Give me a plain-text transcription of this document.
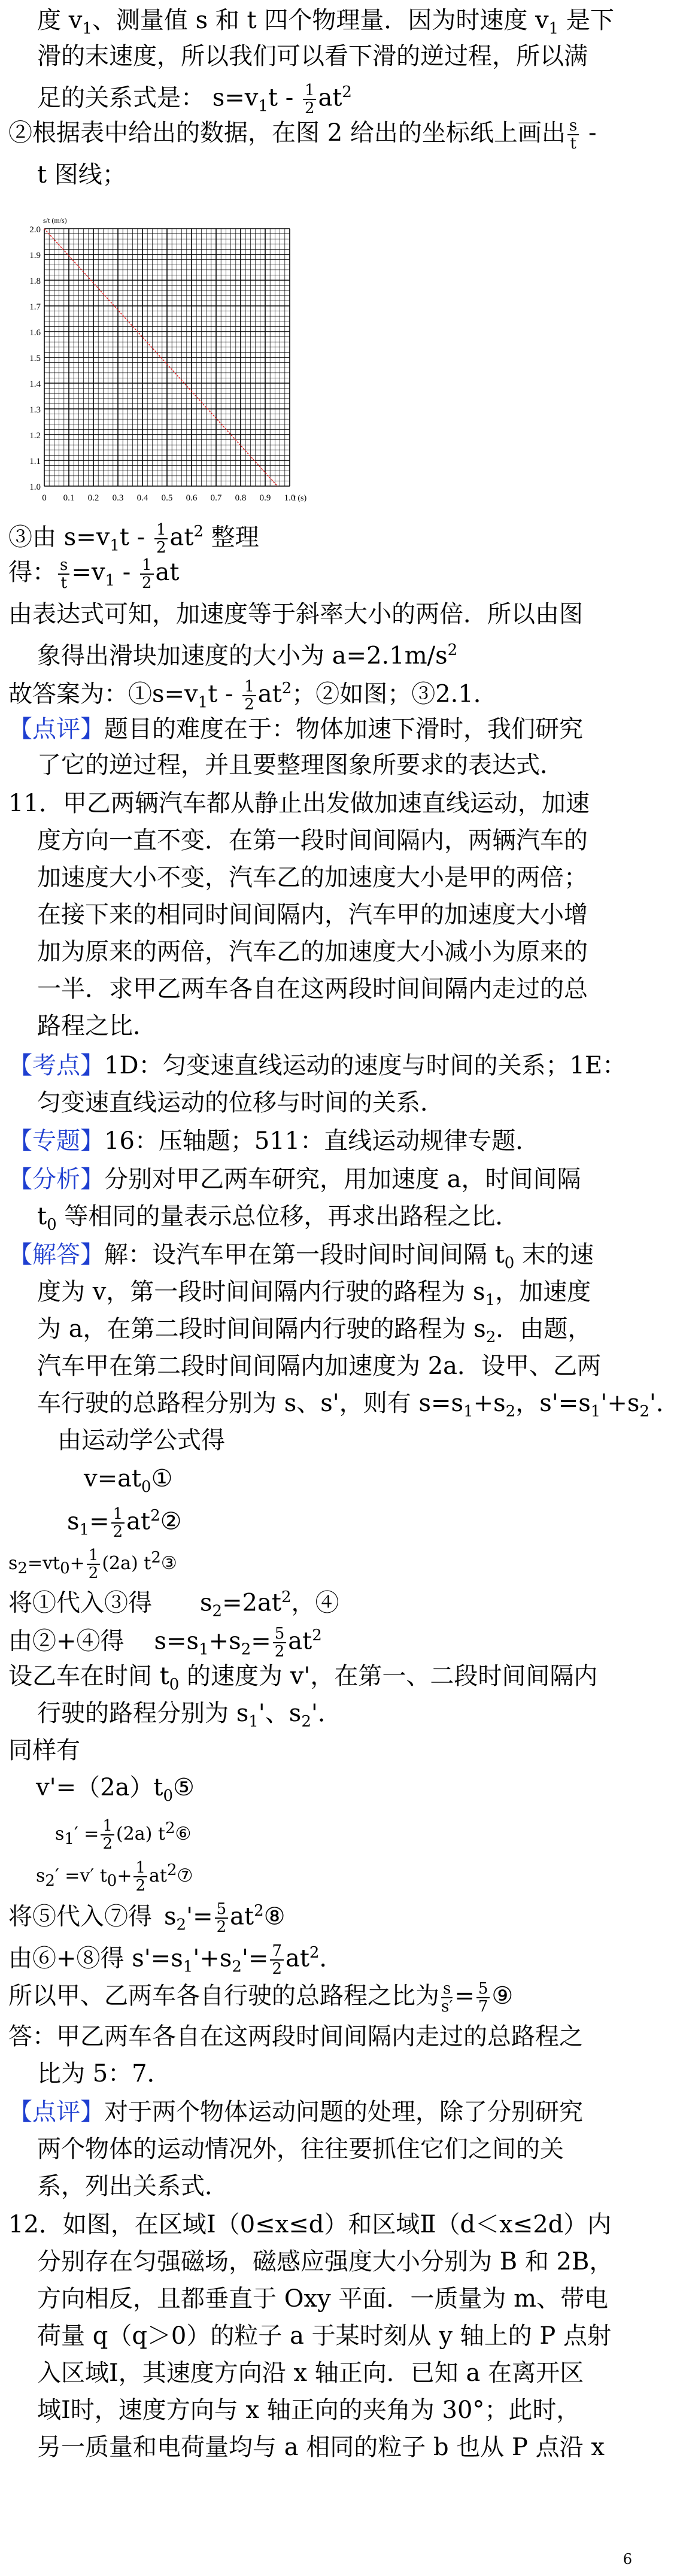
度 $v_1$、测量值 s 和 t 四个物理量．因为时速度 $v_1$ 是下
滑的末速度，所以我们可以看下滑的逆过程，所以满
足的关系式是： $s=v_1t - \frac{1}{2} at^2$
②根据表中给出的数据，在图 2 给出的坐标纸上画出 $\frac{s}{t}$ -
t 图线；
2.0
1.9
1.8
1.7
1.6
1.5
1.4
1.3
1.2
1.1
1.0
0 0.1 0.2 0.3 0.4 0.5 0.6 0.7 0.8 0.9 1.0
t (s)
s/t (m/s)
③由 $s=v_1t - \frac{1}{2} at^2$ 整理
得： $\frac{s}{t} =v_1 - \frac{1}{2}$ at
由表达式可知，加速度等于斜率大小的两倍．所以由图
象得出滑块加速度的大小为 $a=2.1m/s^2$
故答案为：$①s=v_1t - \frac{1}{2} at^2$；②如图；③2.1．
【点评】题目的难度在于：物体加速下滑时，我们研究
了它的逆过程，并且要整理图象所要求的表达式．
11．甲乙两辆汽车都从静止出发做加速直线运动，加速
度方向一直不变．在第一段时间间隔内，两辆汽车的
加速度大小不变，汽车乙的加速度大小是甲的两倍；
在接下来的相同时间间隔内，汽车甲的加速度大小增
加为原来的两倍，汽车乙的加速度大小减小为原来的
一半．求甲乙两车各自在这两段时间间隔内走过的总
路程之比．
【考点】1D：匀变速直线运动的速度与时间的关系；1E：
匀变速直线运动的位移与时间的关系．
【专题】16：压轴题；511：直线运动规律专题．
【分析】分别对甲乙两车研究，用加速度 a，时间间隔
$t_0$ 等相同的量表示总位移，再求出路程之比．
【解答】解：设汽车甲在第一段时间时间间隔 $t_0$ 末的速
度为 v，第一段时间间隔内行驶的路程为 $s_1$，加速度
为 a，在第二段时间间隔内行驶的路程为 $s_2$．由题，
汽车甲在第二段时间间隔内加速度为 2a．设甲、乙两
车行驶的总路程分别为 s、s'，则有 $s=s_1+s_2$，$s'=s_1'+s_2'$．
由运动学公式得
$v=at_0①$
$s_1= \frac{1}{2}$ $at^2②$
$s2=vt0+ \frac{1}{2} (2a)$ t2③
将①代入③得 $s_2=2at^2$，④
由②+④得 $s=s_1+s_2= \frac{5}{2} at^2$
设乙车在时间 $t_0$ 的速度为 v'，在第一、二段时间间隔内
行驶的路程分别为 $s_1'$、$s_2'$．
同样有
$v'=(2a)t_0⑤$
$s1' = \frac{1}{2} (2a)$ t2⑥
s2′ =v′ $t0+ \frac{1}{2}$ at2⑦
将⑤代入⑦得 $s_2'= \frac{5}{2}$ $at^2⑧$
由⑥+⑧得 $s'=s_1'+s_2'= \frac{7}{2} at^2$．
所以甲、乙两车各自行驶的总路程之比为 $\frac{s}{s'} = \frac{5}{7}$ ⑨
答：甲乙两车各自在这两段时间间隔内走过的总路程之
比为 5：7．
【点评】对于两个物体运动问题的处理，除了分别研究
两个物体的运动情况外，往往要抓住它们之间的关
系，列出关系式．
12．如图，在区域Ⅰ（0≤x≤d）和区域Ⅱ（d＜x≤2d）内
分别存在匀强磁场，磁感应强度大小分别为 B 和 2B，
方向相反，且都垂直于 Oxy 平面．一质量为 m、带电
荷量 q（q＞0）的粒子 a 于某时刻从 y 轴上的 P 点射
入区域Ⅰ，其速度方向沿 x 轴正向．已知 a 在离开区
域Ⅰ时，速度方向与 x 轴正向的夹角为 30°；此时，
另一质量和电荷量均与 a 相同的粒子 b 也从 P 点沿 x
6
